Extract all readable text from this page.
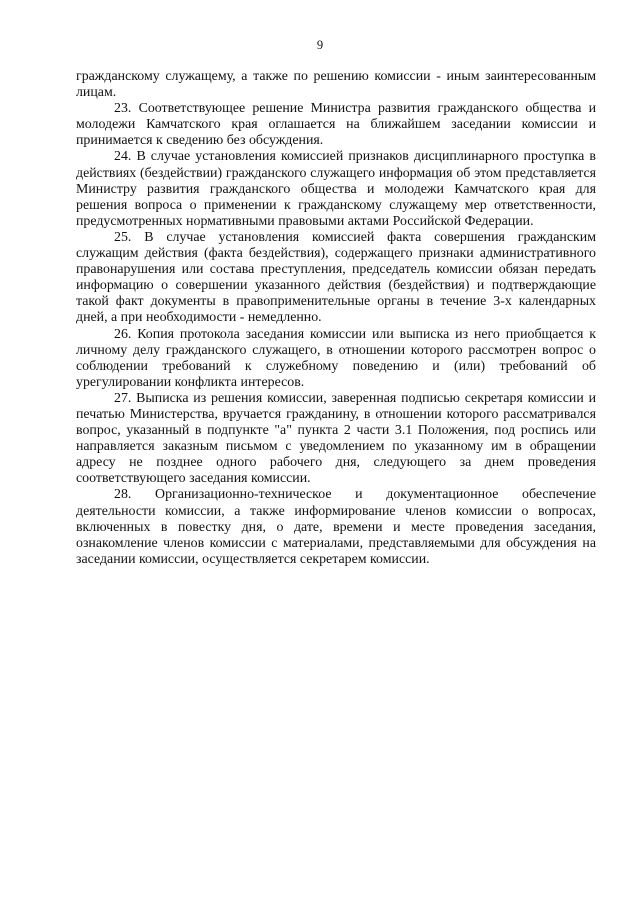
9

гражданскому служащему, а также по решению комиссии - иным заинтересованным лицам.

23. Соответствующее решение Министра развития гражданского общества и молодежи Камчатского края оглашается на ближайшем заседании комиссии и принимается к сведению без обсуждения.

24. В случае установления комиссией признаков дисциплинарного проступка в действиях (бездействии) гражданского служащего информация об этом представляется Министру развития гражданского общества и молодежи Камчатского края для решения вопроса о применении к гражданскому служащему мер ответственности, предусмотренных нормативными правовыми актами Российской Федерации.

25. В случае установления комиссией факта совершения гражданским служащим действия (факта бездействия), содержащего признаки административного правонарушения или состава преступления, председатель комиссии обязан передать информацию о совершении указанного действия (бездействия) и подтверждающие такой факт документы в правоприменительные органы в течение 3-х календарных дней, а при необходимости - немедленно.

26. Копия протокола заседания комиссии или выписка из него приобщается к личному делу гражданского служащего, в отношении которого рассмотрен вопрос о соблюдении требований к служебному поведению и (или) требований об урегулировании конфликта интересов.

27. Выписка из решения комиссии, заверенная подписью секретаря комиссии и печатью Министерства, вручается гражданину, в отношении которого рассматривался вопрос, указанный в подпункте "а" пункта 2 части 3.1 Положения, под роспись или направляется заказным письмом с уведомлением по указанному им в обращении адресу не позднее одного рабочего дня, следующего за днем проведения соответствующего заседания комиссии.

28. Организационно-техническое и документационное обеспечение деятельности комиссии, а также информирование членов комиссии о вопросах, включенных в повестку дня, о дате, времени и месте проведения заседания, ознакомление членов комиссии с материалами, представляемыми для обсуждения на заседании комиссии, осуществляется секретарем комиссии.
